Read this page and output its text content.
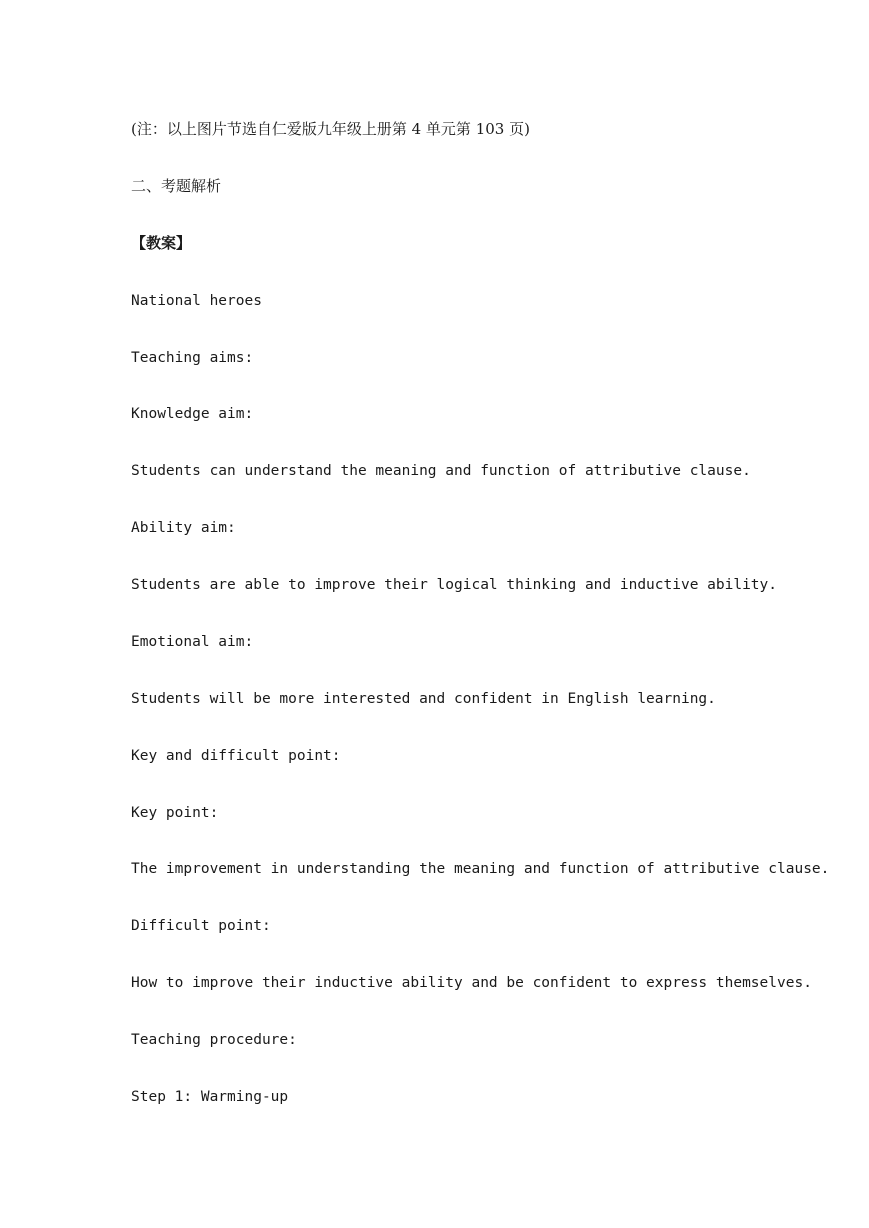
(注：以上图片节选自仁爱版九年级上册第 4 单元第 103 页)

二、考题解析

【教案】

National heroes

Teaching aims:

Knowledge aim:

Students can understand the meaning and function of attributive clause.

Ability aim:

Students are able to improve their logical thinking and inductive ability.

Emotional aim:

Students will be more interested and confident in English learning.

Key and difficult point:

Key point:

The improvement in understanding the meaning and function of attributive clause.

Difficult point:

How to improve their inductive ability and be confident to express themselves.

Teaching procedure:

Step 1: Warming-up
